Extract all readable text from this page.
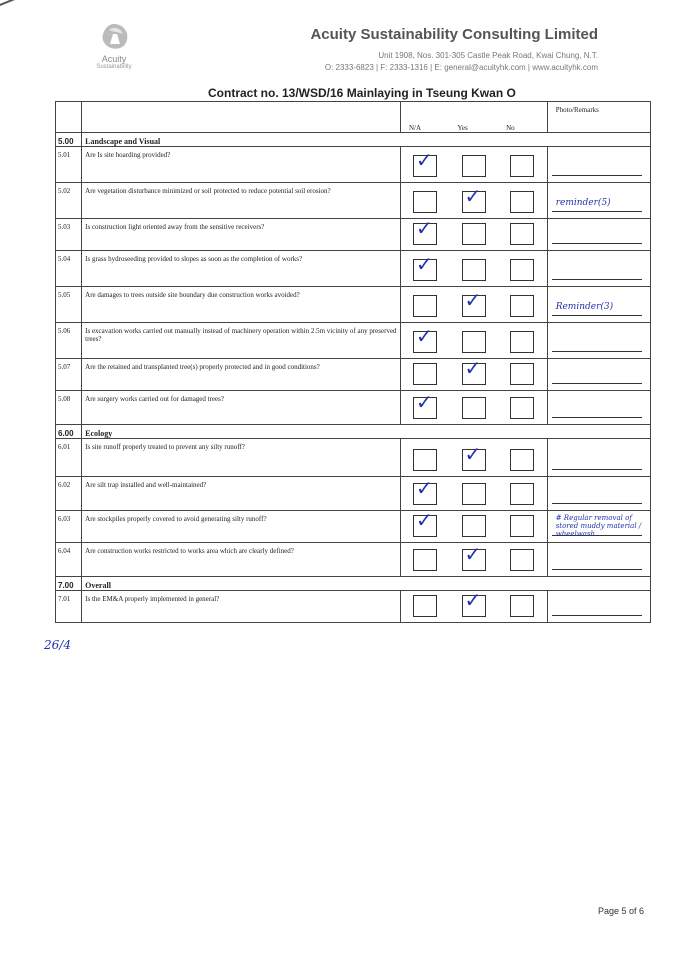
Acuity
Sustainability
Acuity Sustainability Consulting Limited
Unit 1908, Nos. 301-305 Castle Peak Road, Kwai Chung, N.T.
O: 2333-6823 | F: 2333-1316 | E: general@acuityhk.com | www.acuityhk.com
Contract no. 13/WSD/16 Mainlaying in Tseung Kwan O
		N/A	Yes	No	Photo/Remarks
5.00	Landscape and Visual				
5.01	Are Is site hoarding provided?	✓			

5.02	Are vegetation disturbance minimized or soil protected to reduce potential soil erosion?		✓		reminder(5)

5.03	Is construction light oriented away from the sensitive receivers?	✓			

5.04	Is grass hydroseeding provided to slopes as soon as the completion of works?	✓			

5.05	Are damages to trees outside site boundary due construction works avoided?		✓		Reminder(3)

5.06	Is excavation works carried out manually instead of machinery operation within 2.5m vicinity of any preserved trees?	✓			

5.07	Are the retained and transplanted tree(s) properly protected and in good conditions?		✓		

5.08	Are surgery works carried out for damaged trees?	✓			

6.00	Ecology				
6.01	Is site runoff properly treated to prevent any silty runoff?		✓		

6.02	Are silt trap installed and well-maintained?	✓			

6.03	Are stockpiles properly covered to avoid generating silty runoff?	✓			# Regular removal of stored muddy material / wheelwash

6.04	Are construction works restricted to works area which are clearly defined?		✓		

7.00	Overall				
7.01	Is the EM&A properly implemented in general?		✓		

26/4
Page 5 of 6
